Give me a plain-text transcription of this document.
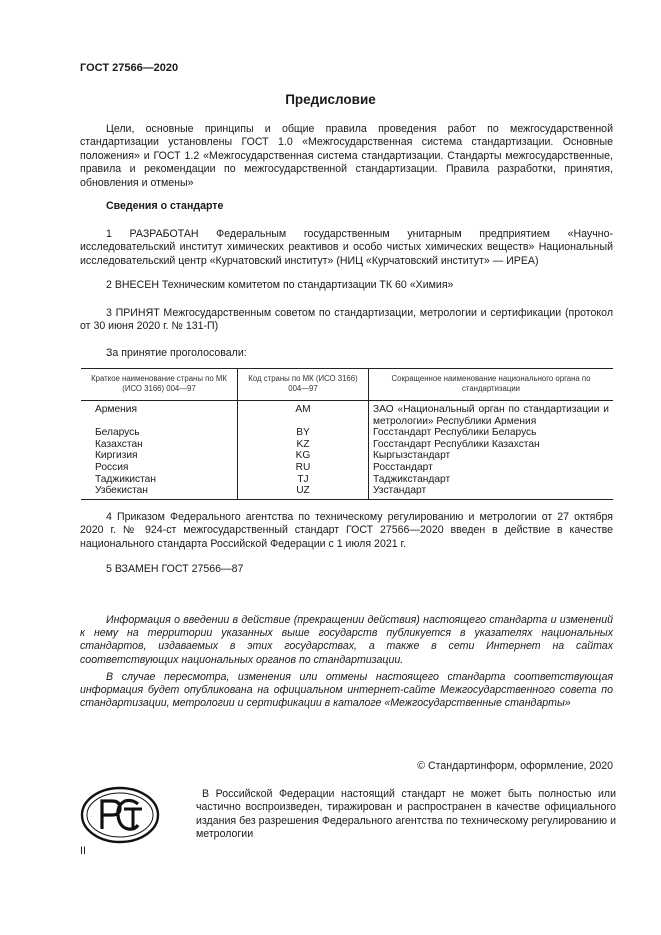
ГОСТ 27566—2020
Предисловие
Цели, основные принципы и общие правила проведения работ по межгосударственной стандартизации установлены ГОСТ 1.0 «Межгосударственная система стандартизации. Основные положения» и ГОСТ 1.2 «Межгосударственная система стандартизации. Стандарты межгосударственные, правила и рекомендации по межгосударственной стандартизации. Правила разработки, принятия, обновления и отмены»
Сведения о стандарте
1 РАЗРАБОТАН Федеральным государственным унитарным предприятием «Научно-исследовательский институт химических реактивов и особо чистых химических веществ» Национальный исследовательский центр «Курчатовский институт» (НИЦ «Курчатовский институт» — ИРЕА)
2 ВНЕСЕН Техническим комитетом по стандартизации ТК 60 «Химия»
3 ПРИНЯТ Межгосударственным советом по стандартизации, метрологии и сертификации (протокол от 30 июня 2020 г. № 131-П)
За принятие проголосовали:
Краткое наименование страны по МК (ИСО 3166) 004—97	Код страны по МК (ИСО 3166) 004—97	Сокращенное наименование национального органа по стандартизации
Армения	AM	ЗАО «Национальный орган по стандартизации и метрологии» Республики Армения
Беларусь	BY	Госстандарт Республики Беларусь
Казахстан	KZ	Госстандарт Республики Казахстан
Киргизия	KG	Кыргызстандарт
Россия	RU	Росстандарт
Таджикистан	TJ	Таджикстандарт
Узбекистан	UZ	Узстандарт
4 Приказом Федерального агентства по техническому регулированию и метрологии от 27 октября 2020 г. № 924-ст межгосударственный стандарт ГОСТ 27566—2020 введен в действие в качестве национального стандарта Российской Федерации с 1 июля 2021 г.
5 ВЗАМЕН ГОСТ 27566—87
Информация о введении в действие (прекращении действия) настоящего стандарта и изменений к нему на территории указанных выше государств публикуется в указателях национальных стандартов, издаваемых в этих государствах, а также в сети Интернет на сайтах соответствующих национальных органов по стандартизации.
В случае пересмотра, изменения или отмены настоящего стандарта соответствующая информация будет опубликована на официальном интернет-сайте Межгосударственного совета по стандартизации, метрологии и сертификации в каталоге «Межгосударственные стандарты»
© Стандартинформ, оформление, 2020
В Российской Федерации настоящий стандарт не может быть полностью или частично воспроизведен, тиражирован и распространен в качестве официального издания без разрешения Федерального агентства по техническому регулированию и метрологии
II
